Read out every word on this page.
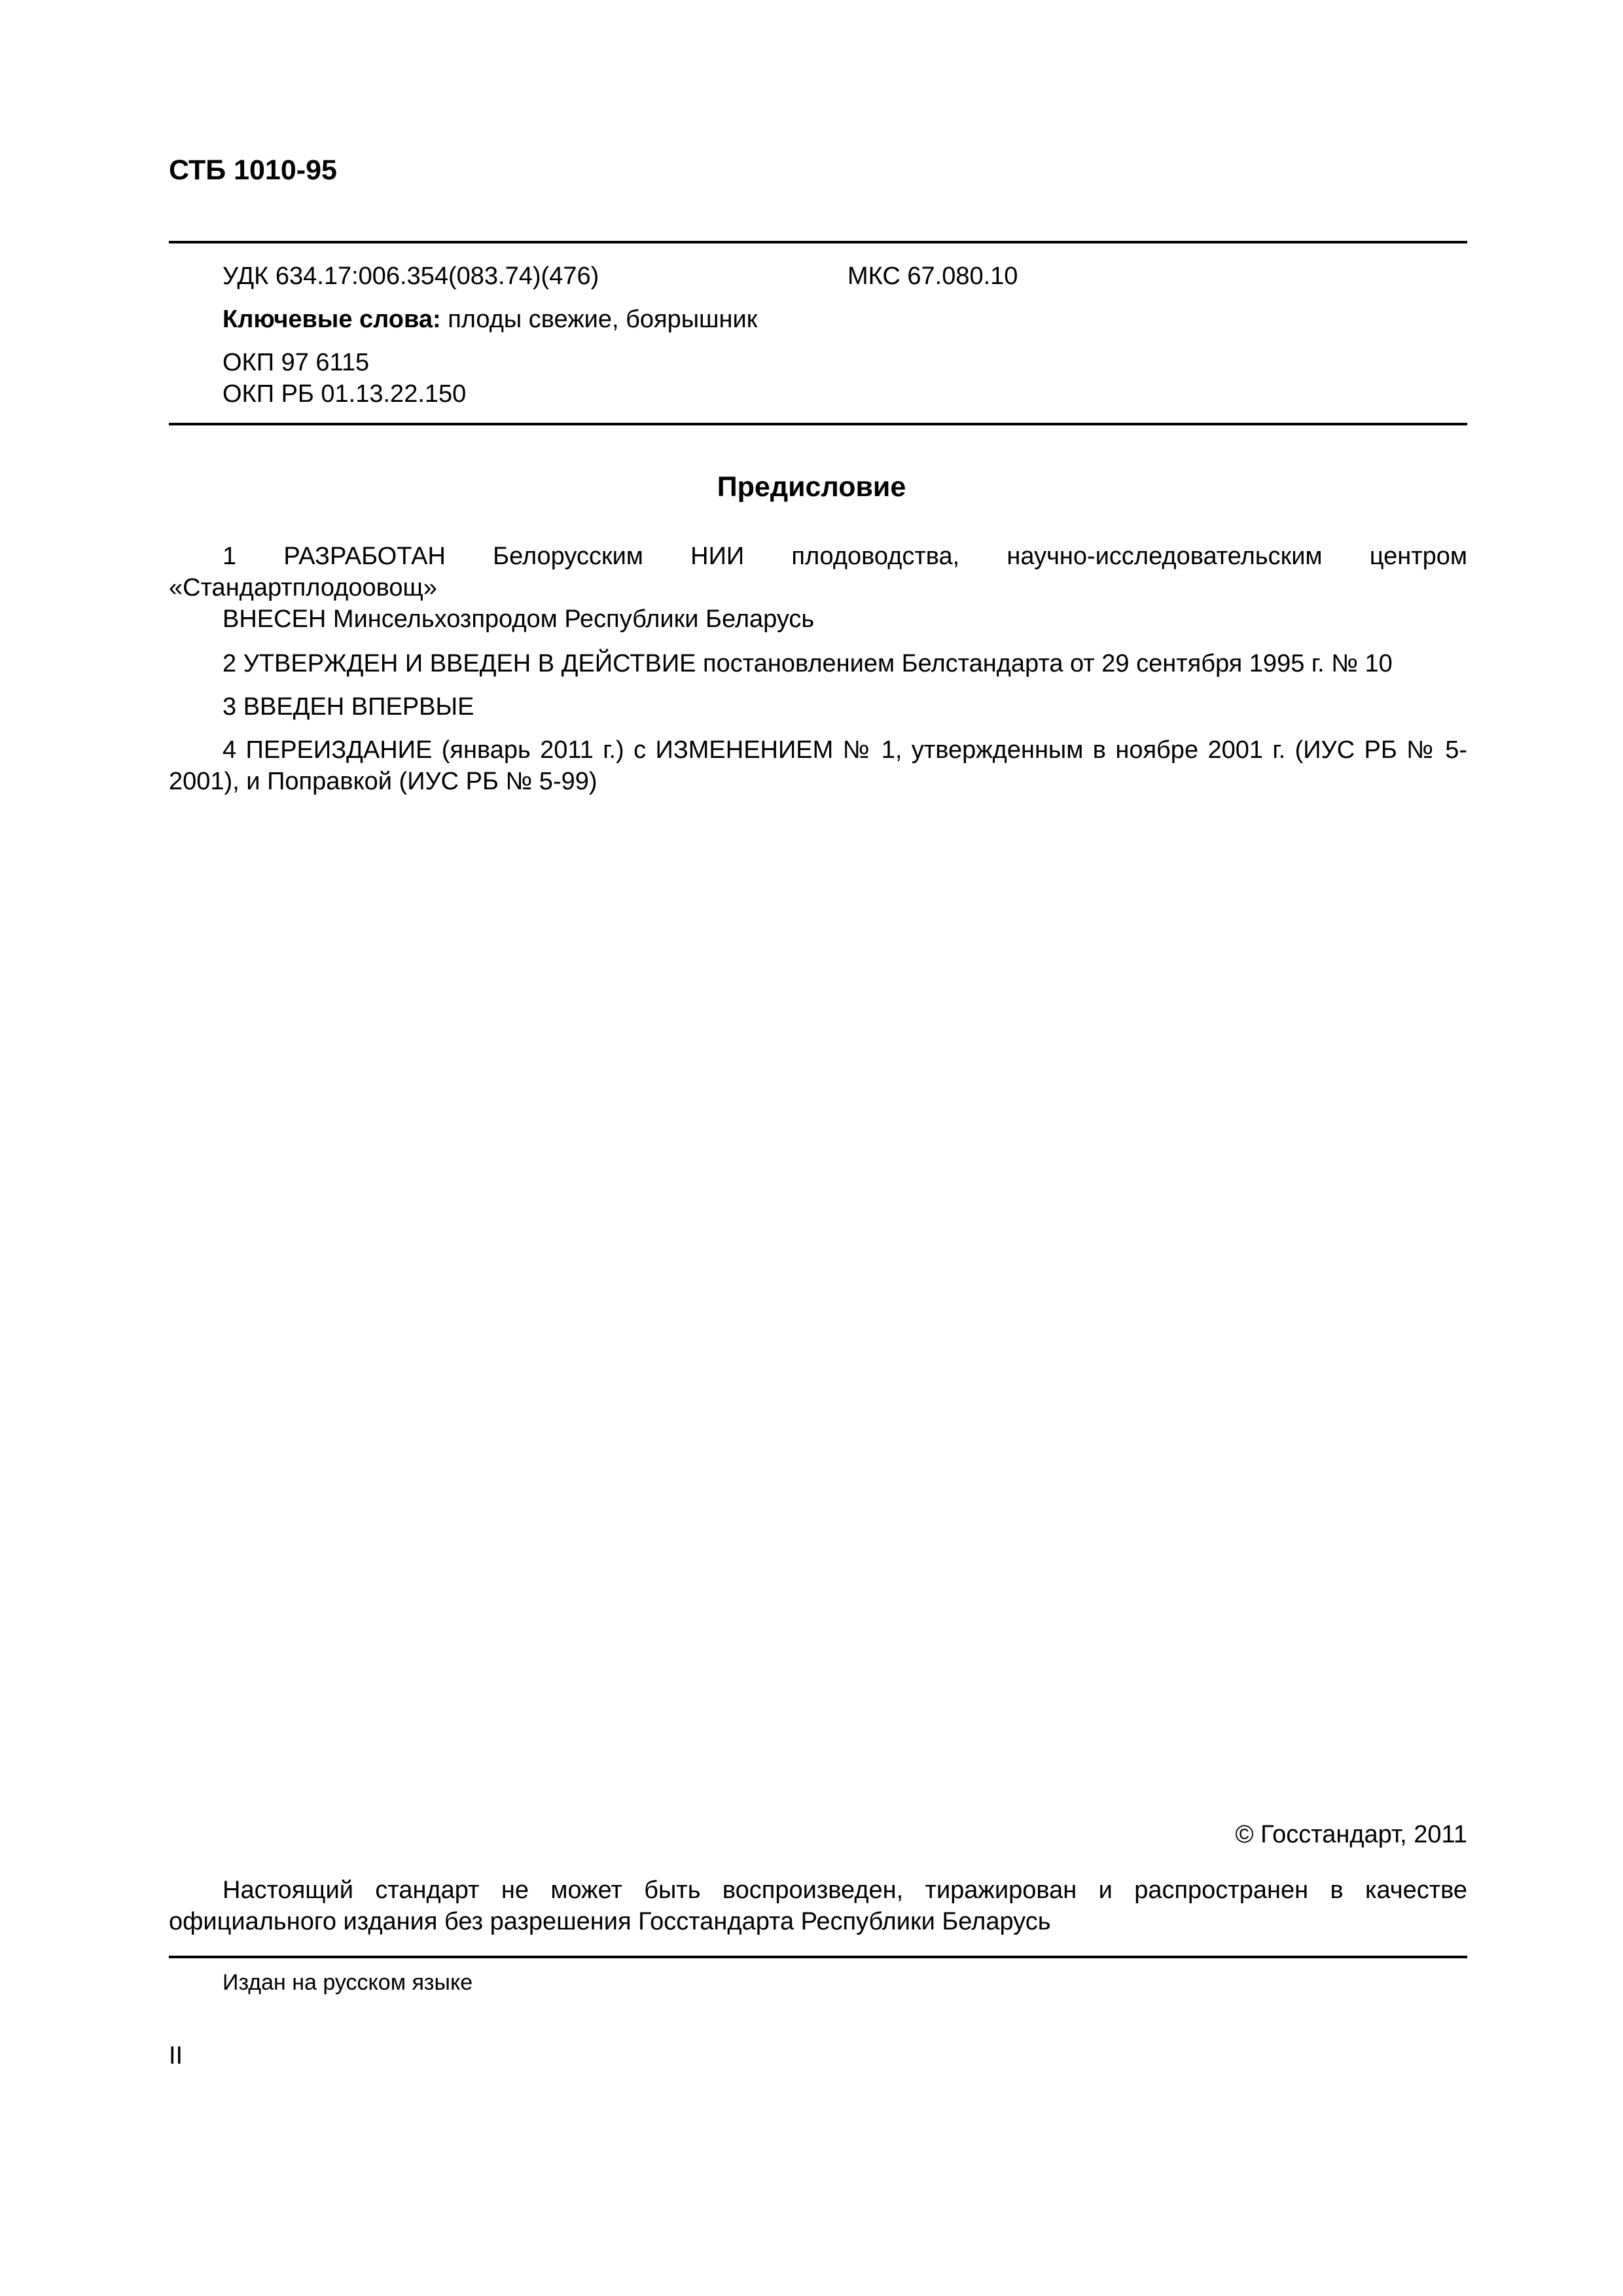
СТБ 1010-95
УДК 634.17:006.354(083.74)(476)	МКС 67.080.10
Ключевые слова: плоды свежие, боярышник
ОКП 97 6115
ОКП РБ 01.13.22.150
Предисловие
1 РАЗРАБОТАН Белорусским НИИ плодоводства, научно-исследовательским центром «Стандартплодоовощ»
ВНЕСЕН Минсельхозпродом Республики Беларусь
2 УТВЕРЖДЕН И ВВЕДЕН В ДЕЙСТВИЕ постановлением Белстандарта от 29 сентября 1995 г. № 10
3 ВВЕДЕН ВПЕРВЫЕ
4 ПЕРЕИЗДАНИЕ (январь 2011 г.) с ИЗМЕНЕНИЕМ № 1, утвержденным в ноябре 2001 г. (ИУС РБ № 5-2001), и Поправкой (ИУС РБ № 5-99)
© Госстандарт, 2011
Настоящий стандарт не может быть воспроизведен, тиражирован и распространен в качестве официального издания без разрешения Госстандарта Республики Беларусь
Издан на русском языке
II
